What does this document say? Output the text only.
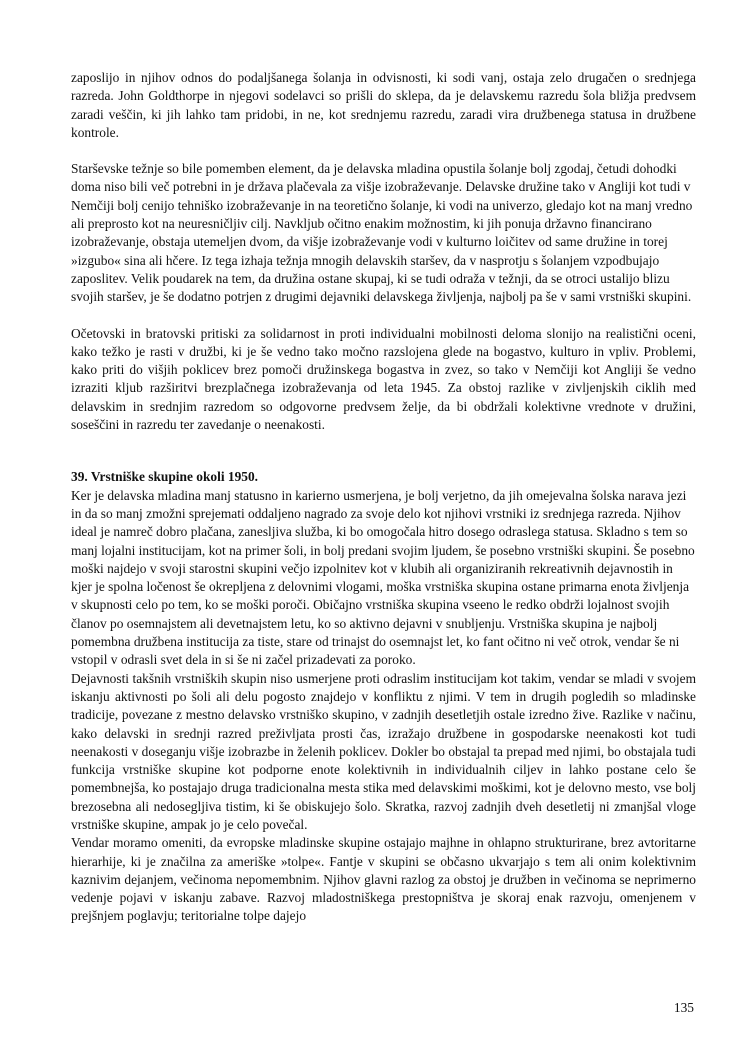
zaposlijo in njihov odnos do podaljšanega šolanja in odvisnosti, ki sodi vanj, ostaja zelo drugačen o srednjega razreda. John Goldthorpe in njegovi sodelavci so prišli do sklepa, da je delavskemu razredu šola bližja predvsem zaradi veščin, ki jih lahko tam pridobi, in ne, kot srednjemu razredu, zaradi vira družbenega statusa in družbene kontrole.

Starševske težnje so bile pomemben element, da je delavska mladina opustila šolanje bolj zgodaj, četudi dohodki doma niso bili več potrebni in je država plačevala za višje izobraževanje. Delavske družine tako v Angliji kot tudi v Nemčiji bolj cenijo tehniško izobraževanje in na teoretično šolanje, ki vodi na univerzo, gledajo kot na manj vredno ali preprosto kot na neuresničljiv cilj. Navkljub očitno enakim možnostim, ki jih ponuja državno financirano izobraževanje, obstaja utemeljen dvom, da višje izobraževanje vodi v kulturno loičitev od same družine in torej »izgubo« sina ali hčere. Iz tega izhaja težnja mnogih delavskih staršev, da v nasprotju s šolanjem vzpodbujajo zaposlitev. Velik poudarek na tem, da družina ostane skupaj, ki se tudi odraža v težnji, da se otroci ustalijo blizu svojih staršev, je še dodatno potrjen z drugimi dejavniki delavskega življenja, najbolj pa še v sami vrstniški skupini.

Očetovski in bratovski pritiski za solidarnost in proti individualni mobilnosti deloma slonijo na realistični oceni, kako težko je rasti v družbi, ki je še vedno tako močno razslojena glede na bogastvo, kulturo in vpliv. Problemi, kako priti do višjih poklicev brez pomoči družinskega bogastva in zvez, so tako v Nemčiji kot Angliji še vedno izraziti kljub razširitvi brezplačnega izobraževanja od leta 1945. Za obstoj razlike v zivljenjskih ciklih med delavskim in srednjim razredom so odgovorne predvsem želje, da bi obdržali kolektivne vrednote v družini, soseščini in razredu ter zavedanje o neenakosti.

39. Vrstniške skupine okoli 1950.

Ker je delavska mladina manj statusno in karierno usmerjena, je bolj verjetno, da jih omejevalna šolska narava jezi in da so manj zmožni sprejemati oddaljeno nagrado za svoje delo kot njihovi vrstniki iz srednjega razreda. Njihov ideal je namreč dobro plačana, zanesljiva služba, ki bo omogočala hitro dosego odraslega statusa. Skladno s tem so manj lojalni institucijam, kot na primer šoli, in bolj predani svojim ljudem, še posebno vrstniški skupini. Še posebno moški najdejo v svoji starostni skupini večjo izpolnitev kot v klubih ali organiziranih rekreativnih dejavnostih in kjer je spolna ločenost še okrepljena z delovnimi vlogami, moška vrstniška skupina ostane primarna enota življenja v skupnosti celo po tem, ko se moški poroči. Običajno vrstniška skupina vseeno le redko obdrži lojalnost svojih članov po osemnajstem ali devetnajstem letu, ko so aktivno dejavni v snubljenju. Vrstniška skupina je najbolj pomembna družbena institucija za tiste, stare od trinajst do osemnajst let, ko fant očitno ni več otrok, vendar še ni vstopil v odrasli svet dela in si še ni začel prizadevati za poroko.

Dejavnosti takšnih vrstniških skupin niso usmerjene proti odraslim institucijam kot takim, vendar se mladi v svojem iskanju aktivnosti po šoli ali delu pogosto znajdejo v konfliktu z njimi. V tem in drugih pogledih so mladinske tradicije, povezane z mestno delavsko vrstniško skupino, v zadnjih desetletjih ostale izredno žive. Razlike v načinu, kako delavski in srednji razred preživljata prosti čas, izražajo družbene in gospodarske neenakosti kot tudi neenakosti v doseganju višje izobrazbe in želenih poklicev. Dokler bo obstajal ta prepad med njimi, bo obstajala tudi funkcija vrstniške skupine kot podporne enote kolektivnih in individualnih ciljev in lahko postane celo še pomembnejša, ko postajajo druga tradicionalna mesta stika med delavskimi moškimi, kot je delovno mesto, vse bolj brezosebna ali nedosegljiva tistim, ki še obiskujejo šolo. Skratka, razvoj zadnjih dveh desetletij ni zmanjšal vloge vrstniške skupine, ampak jo je celo povečal.

Vendar moramo omeniti, da evropske mladinske skupine ostajajo majhne in ohlapno strukturirane, brez avtoritarne hierarhije, ki je značilna za ameriške »tolpe«. Fantje v skupini se občasno ukvarjajo s tem ali onim kolektivnim kaznivim dejanjem, večinoma nepomembnim. Njihov glavni razlog za obstoj je družben in večinoma se neprimerno vedenje pojavi v iskanju zabave. Razvoj mladostniškega prestopništva je skoraj enak razvoju, omenjenem v prejšnjem poglavju; teritorialne tolpe dajejo

135
